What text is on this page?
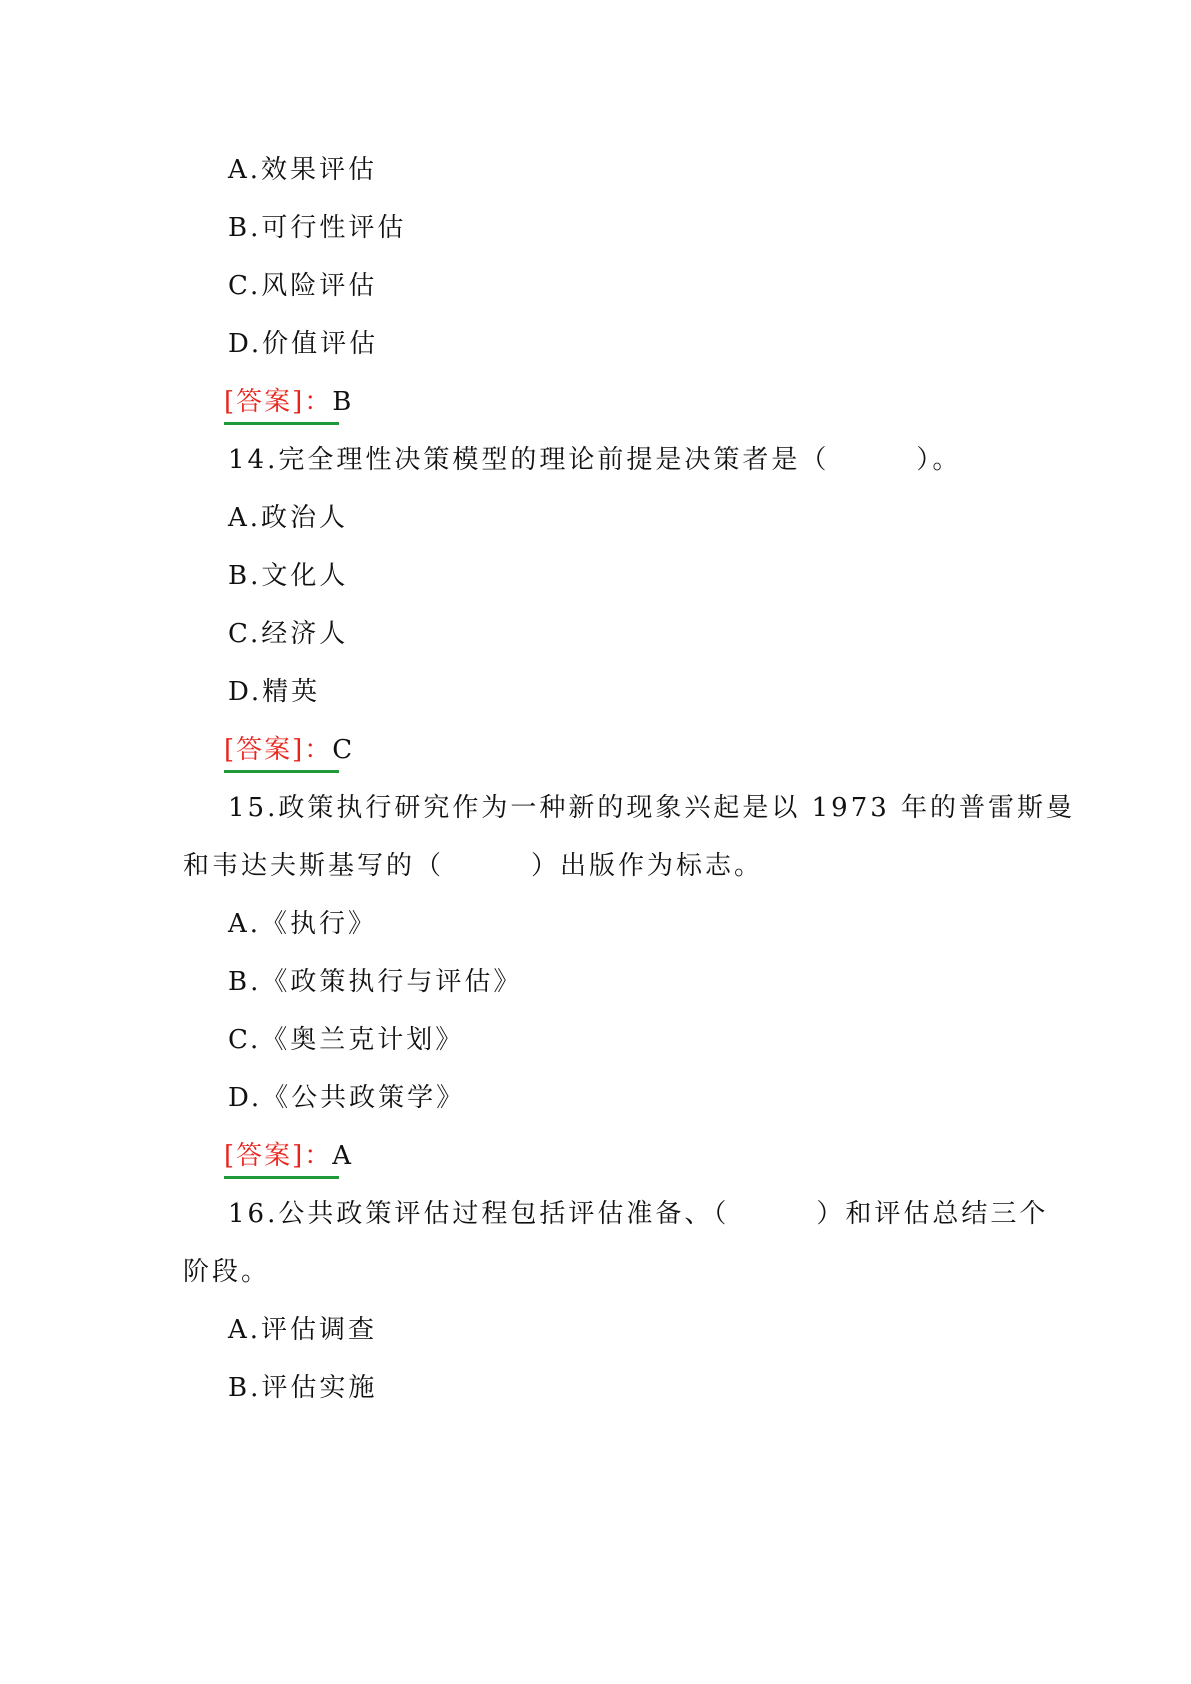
A.效果评估
B.可行性评估
C.风险评估
D.价值评估
[答案]：B
14.完全理性决策模型的理论前提是决策者是（　　　）。
A.政治人
B.文化人
C.经济人
D.精英
[答案]：C
15.政策执行研究作为一种新的现象兴起是以 1973 年的普雷斯曼
和韦达夫斯基写的（　　　）出版作为标志。
A.《执行》
B.《政策执行与评估》
C.《奥兰克计划》
D.《公共政策学》
[答案]：A
16.公共政策评估过程包括评估准备、（　　　）和评估总结三个
阶段。
A.评估调查
B.评估实施
